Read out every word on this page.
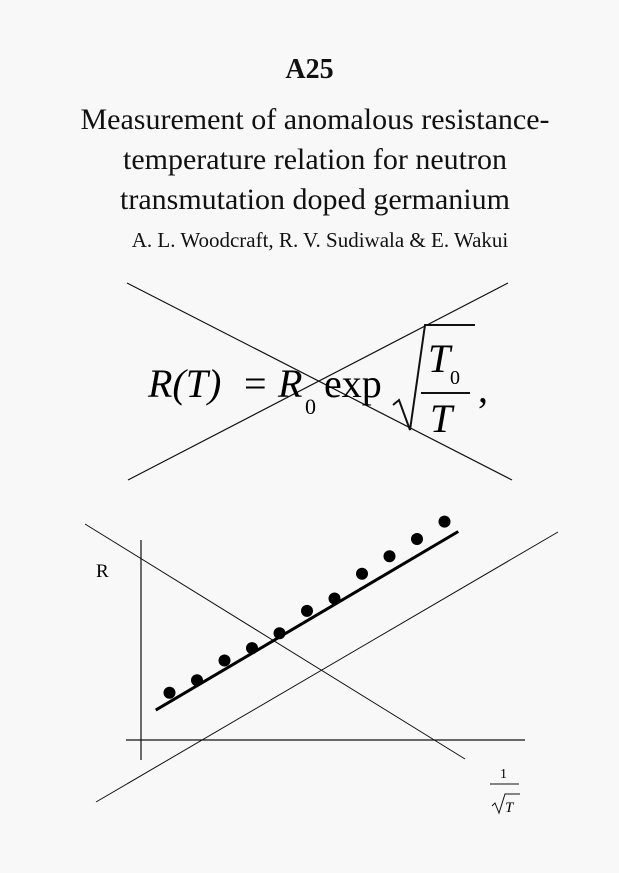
A25
Measurement of anomalous resistance-temperature relation for neutron transmutation doped germanium
A. L. Woodcraft, R. V. Sudiwala & E. Wakui
R(T) = R
0
exp
T 0
T
,
R
1
T
